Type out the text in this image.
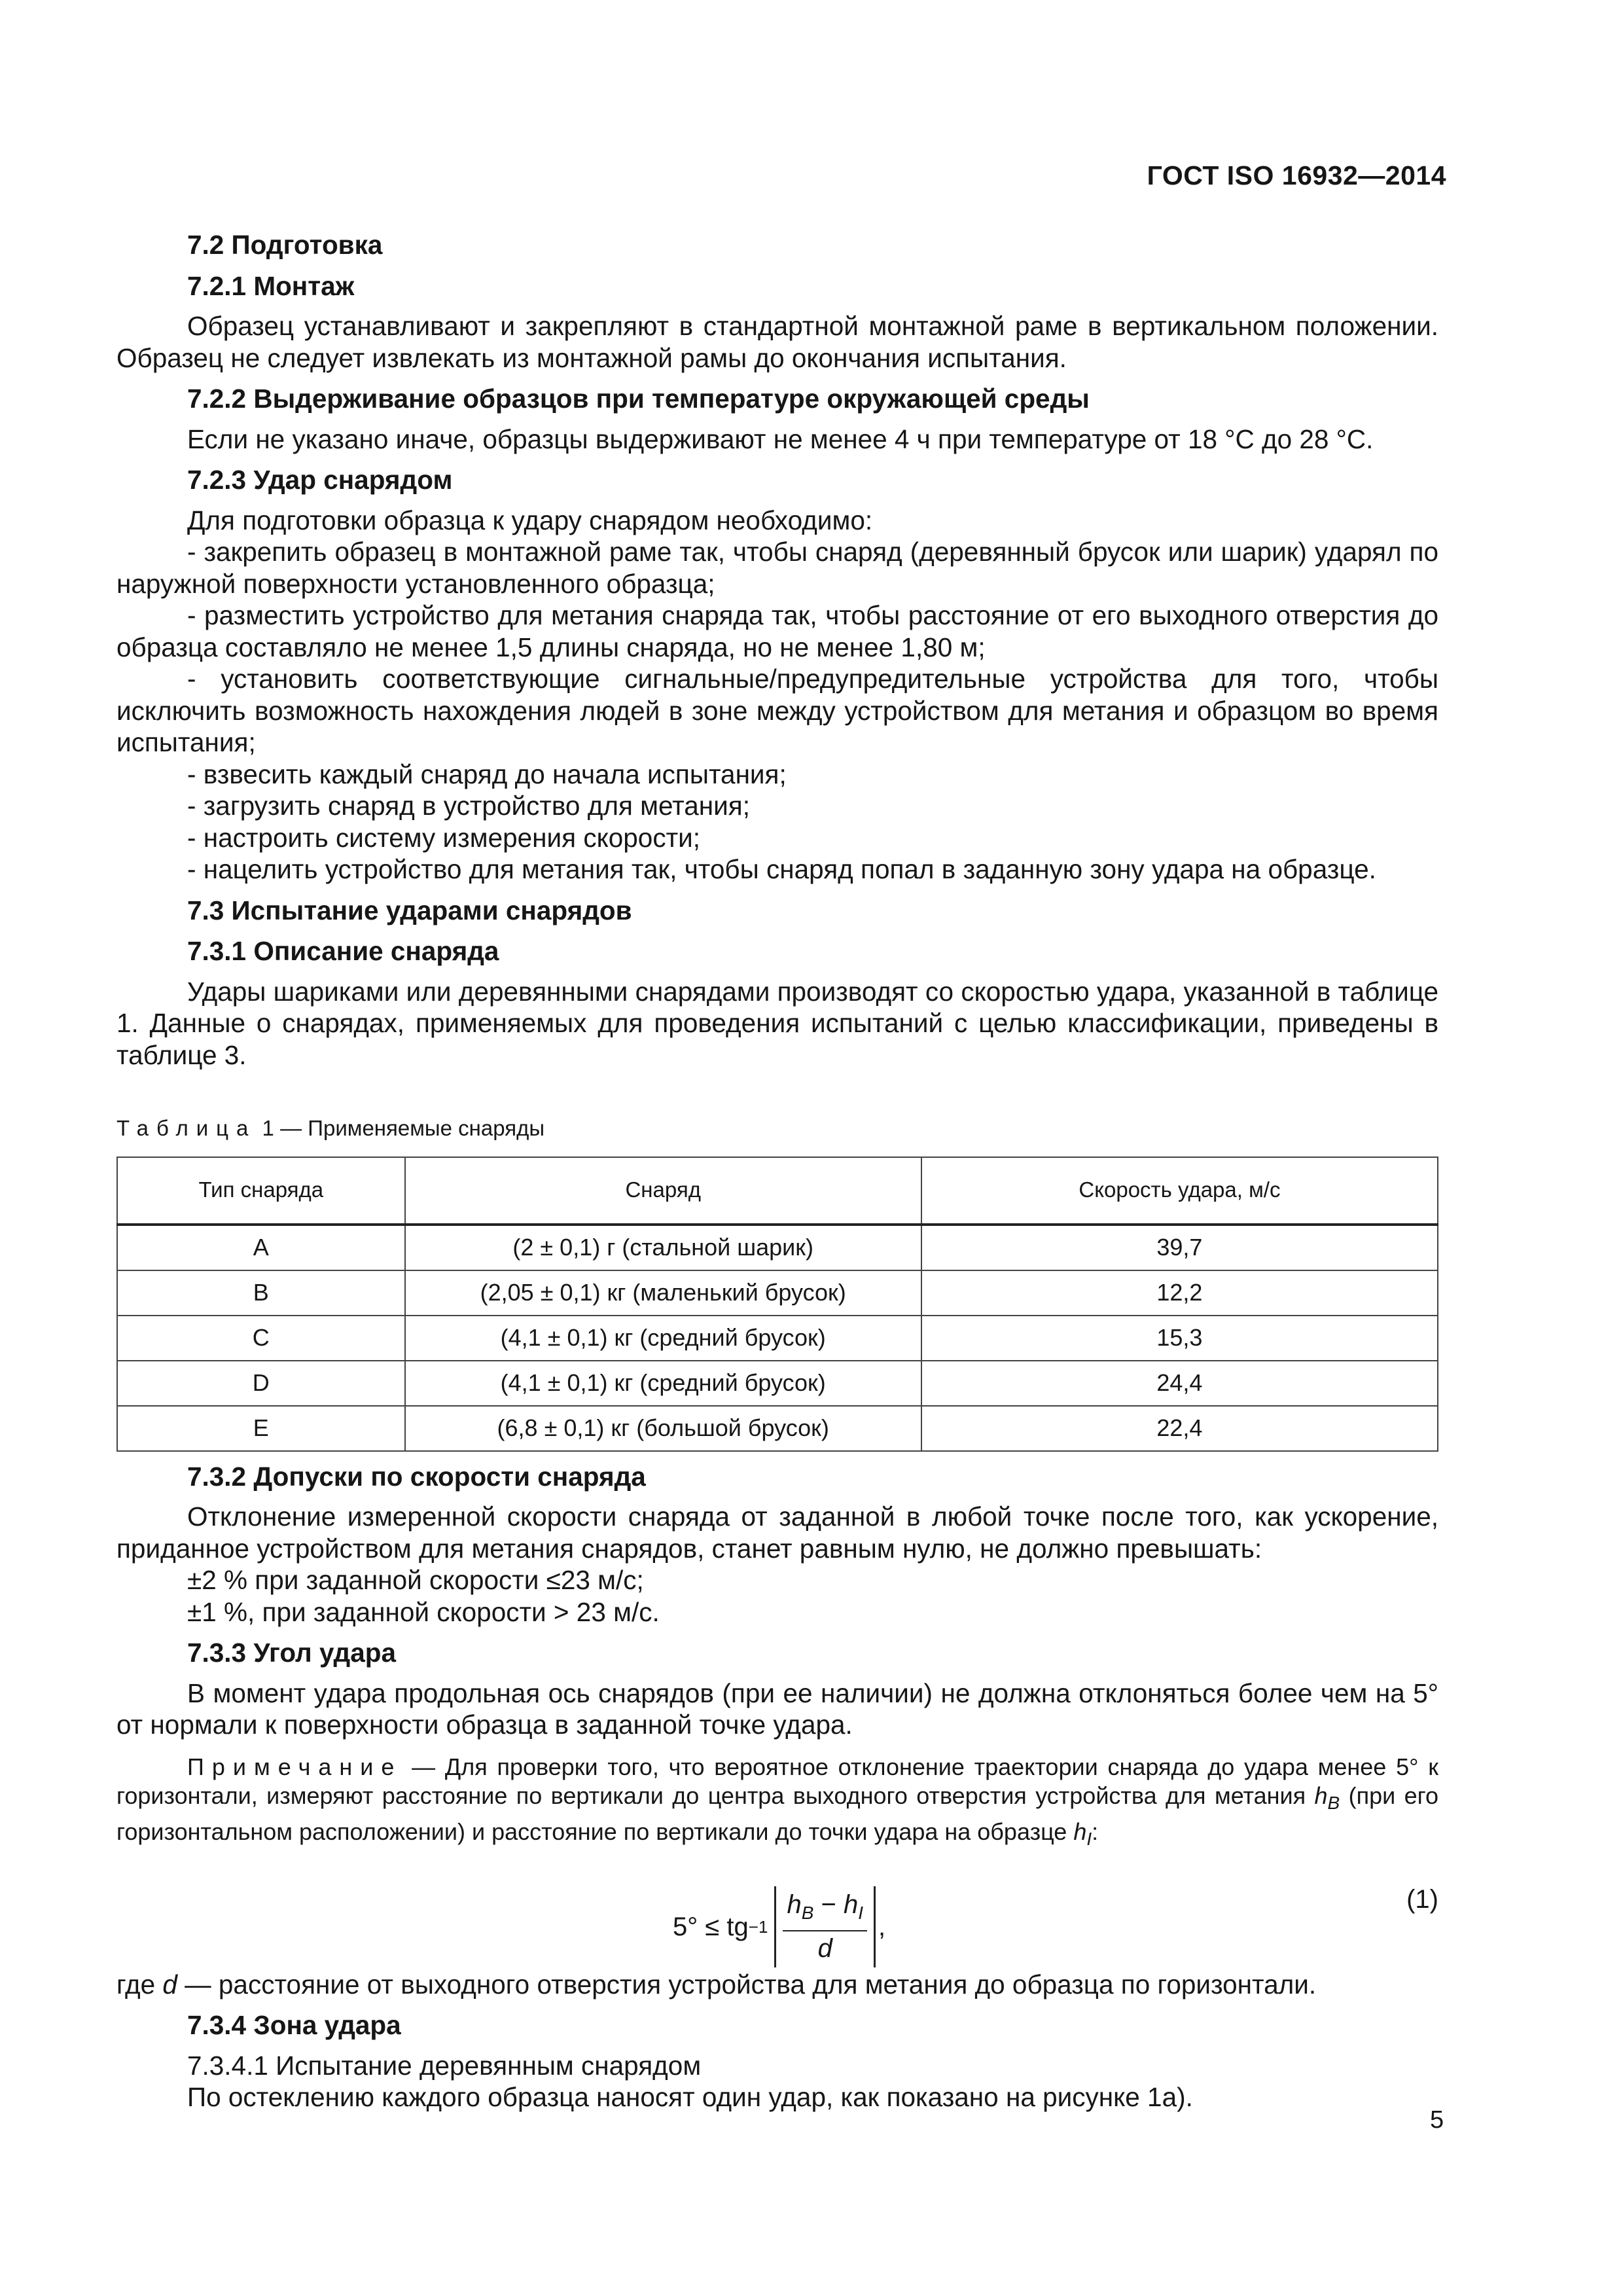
ГОСТ ISO 16932—2014
7.2 Подготовка
7.2.1 Монтаж

Образец устанавливают и закрепляют в стандартной монтажной раме в вертикальном положении. Образец не следует извлекать из монтажной рамы до окончания испытания.

7.2.2 Выдерживание образцов при температуре окружающей среды

Если не указано иначе, образцы выдерживают не менее 4 ч при температуре от 18 °С до 28 °С.

7.2.3 Удар снарядом

Для подготовки образца к удару снарядом необходимо:

- закрепить образец в монтажной раме так, чтобы снаряд (деревянный брусок или шарик) ударял по наружной поверхности установленного образца;

- разместить устройство для метания снаряда так, чтобы расстояние от его выходного отверстия до образца составляло не менее 1,5 длины снаряда, но не менее 1,80 м;

- установить соответствующие сигнальные/предупредительные устройства для того, чтобы исключить возможность нахождения людей в зоне между устройством для метания и образцом во время испытания;

- взвесить каждый снаряд до начала испытания;

- загрузить снаряд в устройство для метания;

- настроить систему измерения скорости;

- нацелить устройство для метания так, чтобы снаряд попал в заданную зону удара на образце.

7.3 Испытание ударами снарядов
7.3.1 Описание снаряда

Удары шариками или деревянными снарядами производят со скоростью удара, указанной в таблице 1. Данные о снарядах, применяемых для проведения испытаний с целью классификации, приведены в таблице 3.

Таблица 1 — Применяемые снаряды
Тип снаряда	Снаряд	Скорость удара, м/с
A	(2 ± 0,1) г (стальной шарик)	39,7
B	(2,05 ± 0,1) кг (маленький брусок)	12,2
C	(4,1 ± 0,1) кг (средний брусок)	15,3
D	(4,1 ± 0,1) кг (средний брусок)	24,4
E	(6,8 ± 0,1) кг (большой брусок)	22,4
7.3.2 Допуски по скорости снаряда

Отклонение измеренной скорости снаряда от заданной в любой точке после того, как ускорение, приданное устройством для метания снарядов, станет равным нулю, не должно превышать:

±2 % при заданной скорости ≤23 м/с;
±1 %, при заданной скорости > 23 м/с.
7.3.3 Угол удара

В момент удара продольная ось снарядов (при ее наличии) не должна отклоняться более чем на 5° от нормали к поверхности образца в заданной точке удара.

Примечание — Для проверки того, что вероятное отклонение траектории снаряда до удара менее 5° к горизонтали, измеряют расстояние по вертикали до центра выходного отверстия устройства для метания $h_B$ (при его горизонтальном расположении) и расстояние по вертикали до точки удара на образце $h_I$:

5° ≤ tg $-1 \frac{h_B - h_I}{d}$ ,
(1)

где d — расстояние от выходного отверстия устройства для метания до образца по горизонтали.

7.3.4 Зона удара
7.3.4.1 Испытание деревянным снарядом
По остеклению каждого образца наносят один удар, как показано на рисунке 1а).
5
